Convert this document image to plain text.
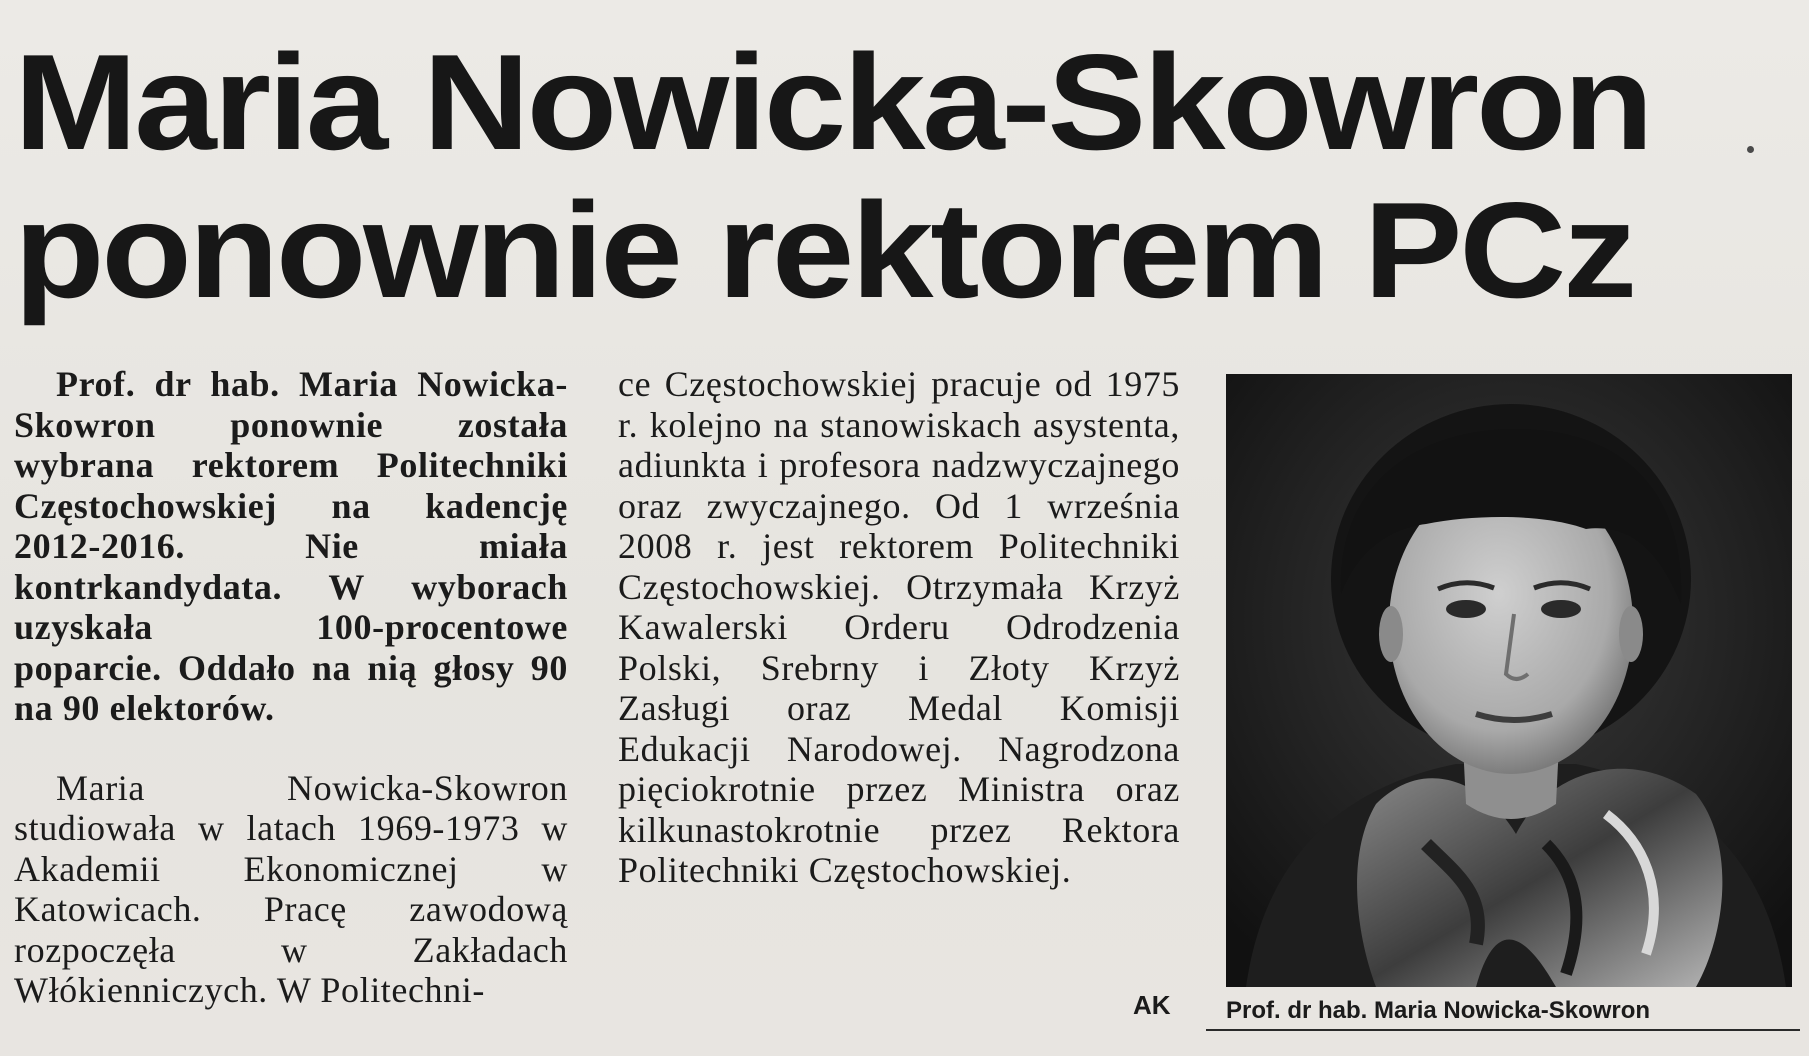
Maria Nowicka-Skowron
ponownie rektorem PCz

Prof. dr hab. Maria Nowicka-Skowron ponownie została wybrana rektorem Politechniki Częstochowskiej na kadencję 2012-2016. Nie miała kontrkandydata. W wyborach uzyskała 100-procentowe poparcie. Oddało na nią głosy 90 na 90 elektorów.

Maria Nowicka-Skowron studiowała w latach 1969-1973 w Akademii Ekonomicznej w Katowicach. Pracę zawodową rozpoczęła w Zakładach Włókienniczych. W Politechni-

ce Częstochowskiej pracuje od 1975 r. kolejno na stanowiskach asystenta, adiunkta i profesora nadzwyczajnego oraz zwyczajnego. Od 1 września 2008 r. jest rektorem Politechniki Częstochowskiej. Otrzymała Krzyż Kawalerski Orderu Odrodzenia Polski, Srebrny i Złoty Krzyż Zasługi oraz Medal Komisji Edukacji Narodowej. Nagrodzona pięciokrotnie przez Ministra oraz kilkunastokrotnie przez Rektora Politechniki Częstochowskiej.

AK Prof. dr hab. Maria Nowicka-Skowron
